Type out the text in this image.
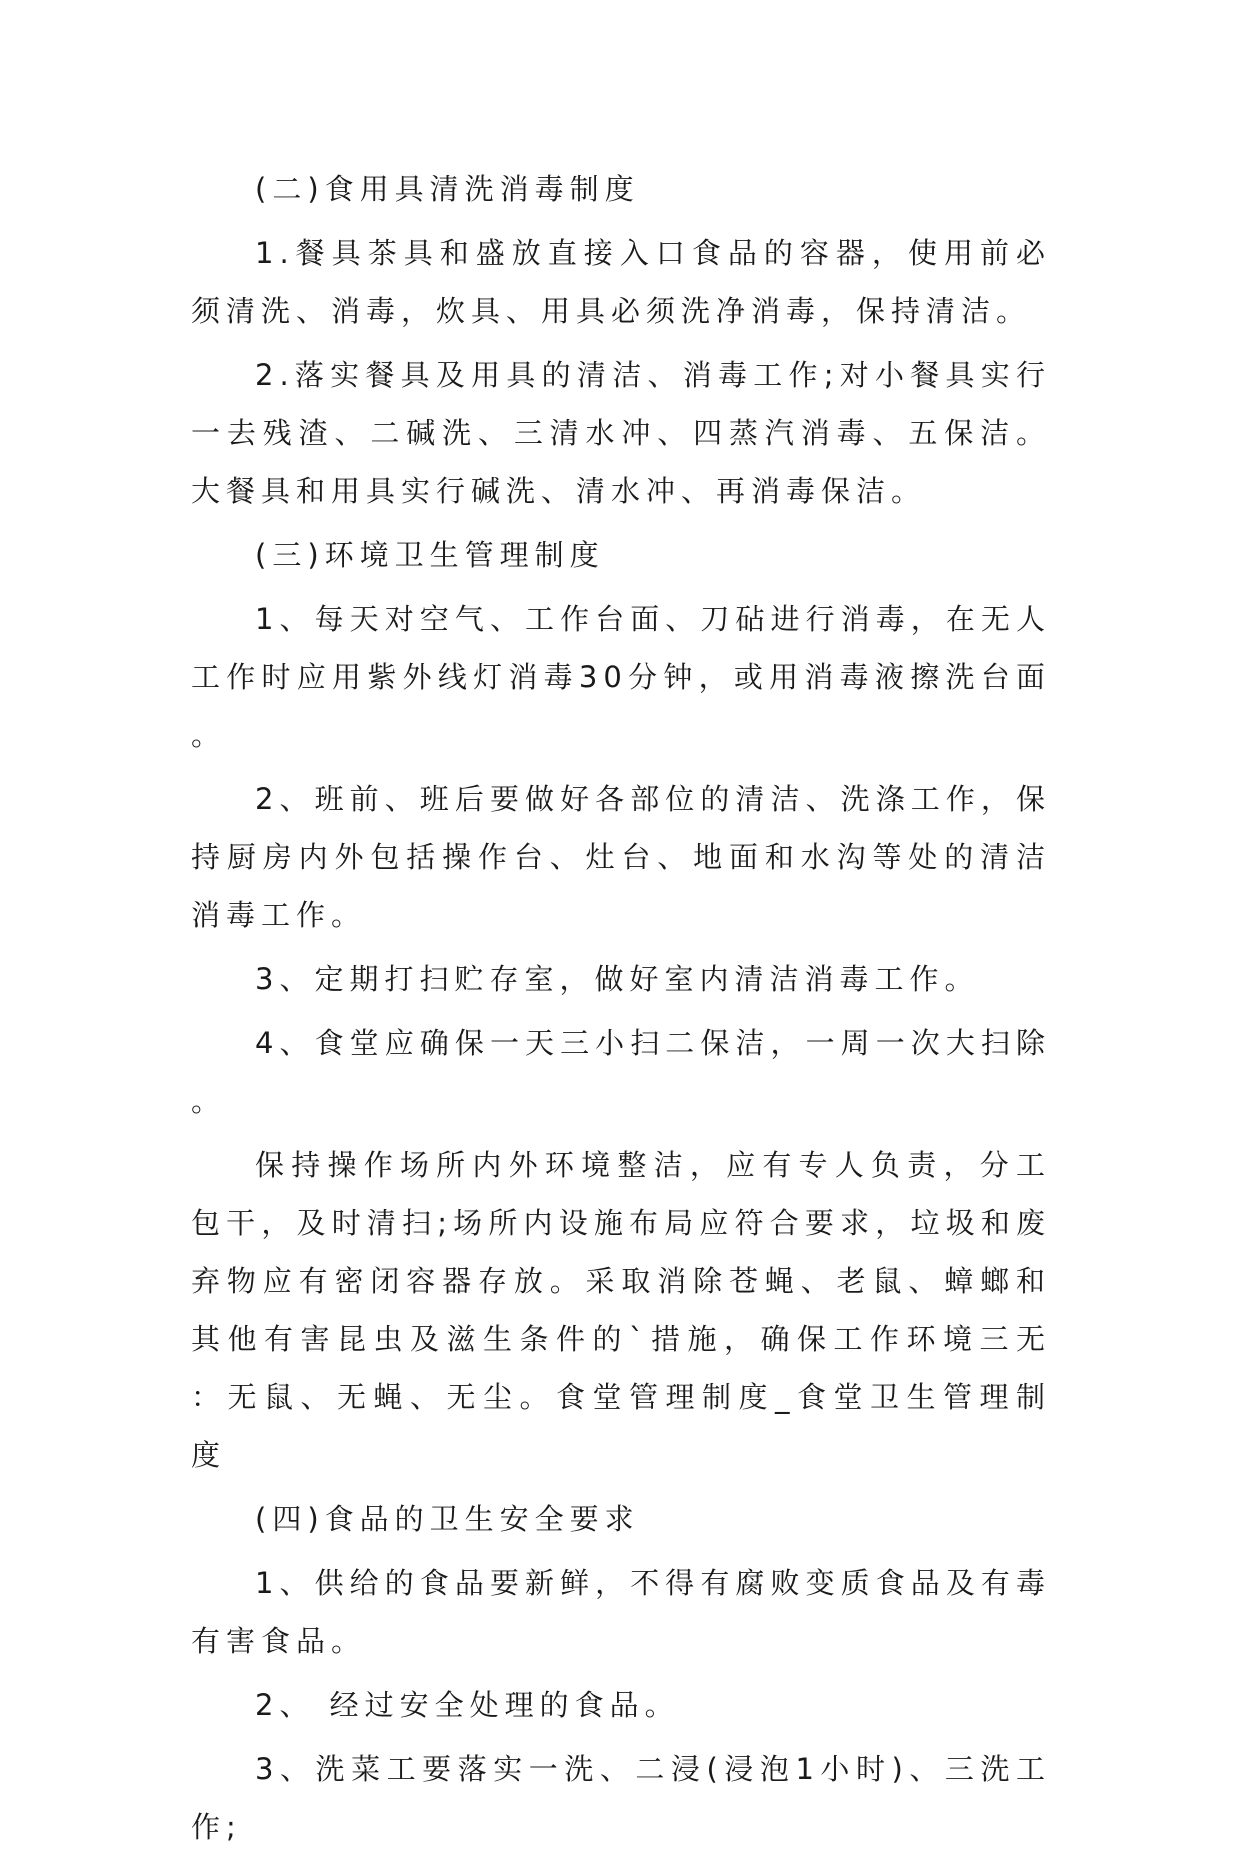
(二)食用具清洗消毒制度

1.餐具茶具和盛放直接入口食品的容器，使用前必须清洗、消毒，炊具、用具必须洗净消毒，保持清洁。

2.落实餐具及用具的清洁、消毒工作;对小餐具实行一去残渣、二碱洗、三清水冲、四蒸汽消毒、五保洁。大餐具和用具实行碱洗、清水冲、再消毒保洁。

(三)环境卫生管理制度

1、每天对空气、工作台面、刀砧进行消毒，在无人工作时应用紫外线灯消毒30分钟，或用消毒液擦洗台面。

2、班前、班后要做好各部位的清洁、洗涤工作，保持厨房内外包括操作台、灶台、地面和水沟等处的清洁消毒工作。

3、定期打扫贮存室，做好室内清洁消毒工作。

4、食堂应确保一天三小扫二保洁，一周一次大扫除。

保持操作场所内外环境整洁，应有专人负责，分工包干，及时清扫;场所内设施布局应符合要求，垃圾和废弃物应有密闭容器存放。采取消除苍蝇、老鼠、蟑螂和其他有害昆虫及滋生条件的`措施，确保工作环境三无：无鼠、无蝇、无尘。食堂管理制度_食堂卫生管理制度

(四)食品的卫生安全要求

1、供给的食品要新鲜，不得有腐败变质食品及有毒有害食品。

2、 经过安全处理的食品。

3、洗菜工要落实一洗、二浸(浸泡1小时)、三洗工作;
